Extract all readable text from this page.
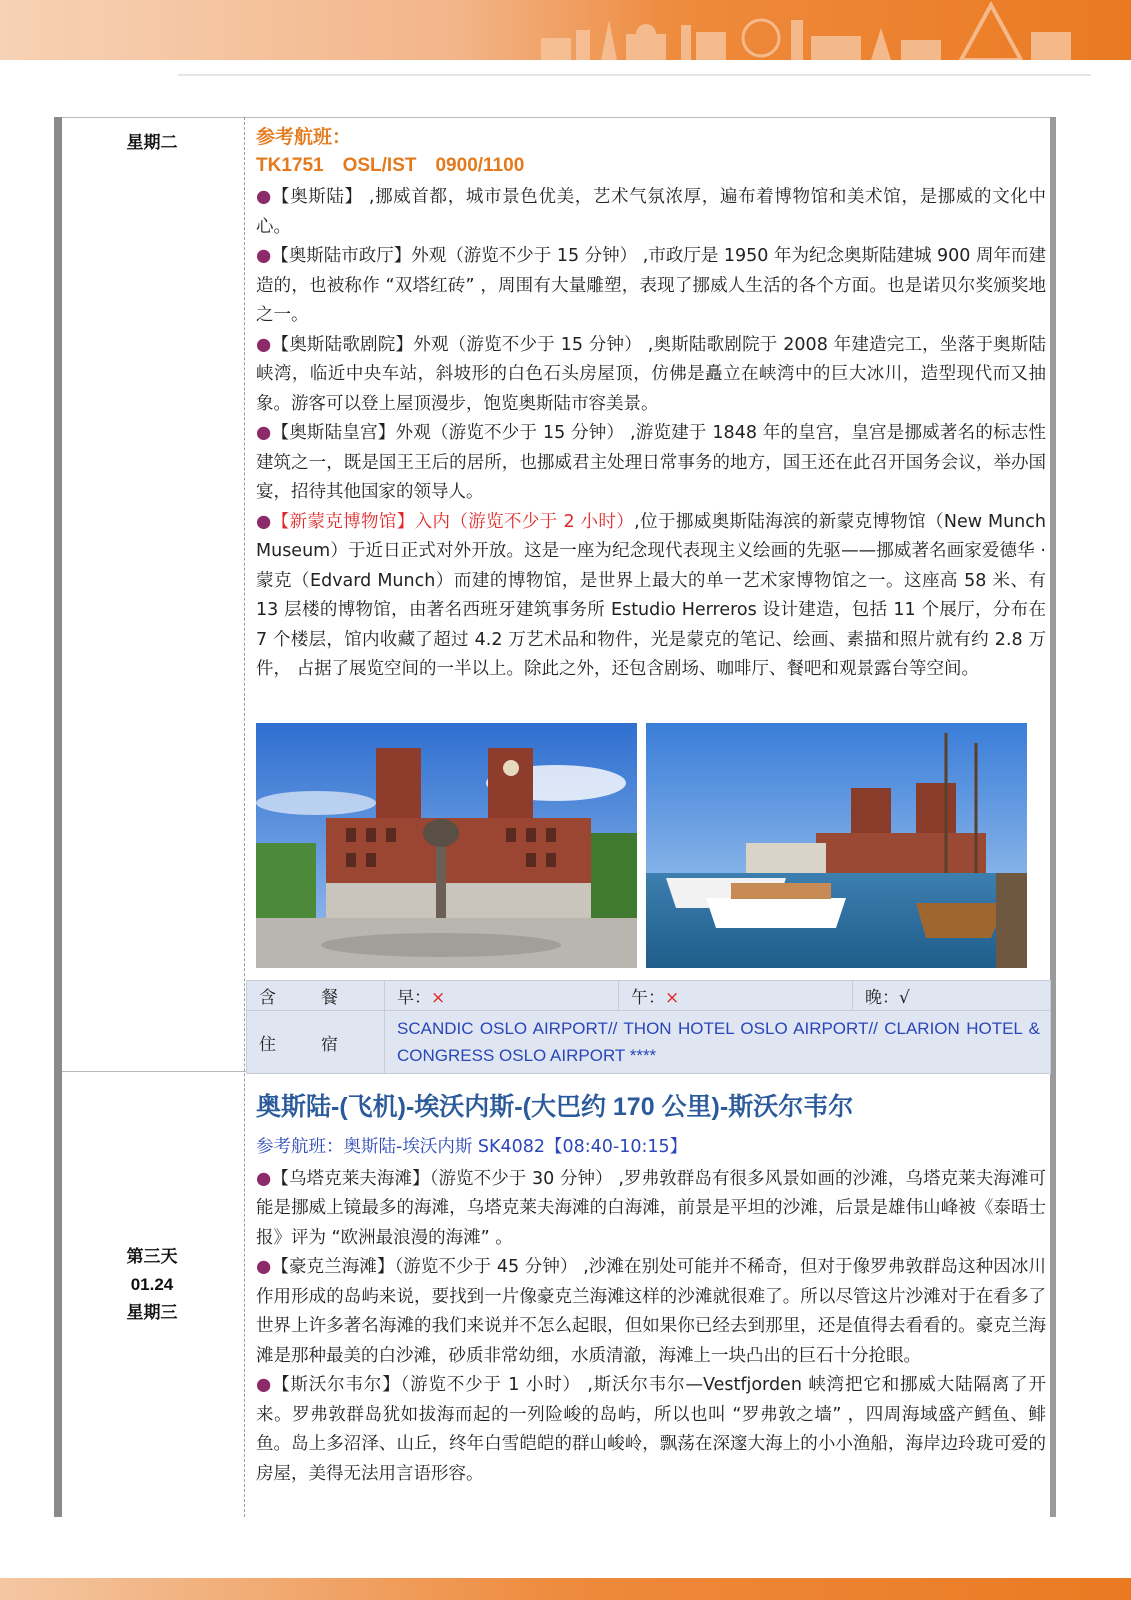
星期二	参考航班：
TK1751　OSL/IST　0900/1100

●【奥斯陆】 ,挪威首都，城市景色优美，艺术气氛浓厚，遍布着博物馆和美术馆，是挪威的文化中心。

●【奥斯陆市政厅】外观（游览不少于 15 分钟） ,市政厅是 1950 年为纪念奥斯陆建城 900 周年而建造的，也被称作 “双塔红砖” ，周围有大量雕塑，表现了挪威人生活的各个方面。也是诺贝尔奖颁奖地之一。

●【奥斯陆歌剧院】外观（游览不少于 15 分钟） ,奥斯陆歌剧院于 2008 年建造完工，坐落于奥斯陆峡湾，临近中央车站，斜坡形的白色石头房屋顶，仿佛是矗立在峡湾中的巨大冰川，造型现代而又抽象。游客可以登上屋顶漫步，饱览奥斯陆市容美景。

●【奥斯陆皇宫】外观（游览不少于 15 分钟） ,游览建于 1848 年的皇宫，皇宫是挪威著名的标志性建筑之一，既是国王王后的居所，也挪威君主处理日常事务的地方，国王还在此召开国务会议，举办国宴，招待其他国家的领导人。

●【新蒙克博物馆】入内（游览不少于 2 小时）,位于挪威奥斯陆海滨的新蒙克博物馆（New Munch Museum）于近日正式对外开放。这是一座为纪念现代表现主义绘画的先驱——挪威著名画家爱德华 ·蒙克（Edvard Munch）而建的博物馆，是世界上最大的单一艺术家博物馆之一。这座高 58 米、有 13 层楼的博物馆，由著名西班牙建筑事务所 Estudio Herreros 设计建造，包括 11 个展厅，分布在 7 个楼层，馆内收藏了超过 4.2 万艺术品和物件，光是蒙克的笔记、绘画、素描和照片就有约 2.8 万件， 占据了展览空间的一半以上。除此之外，还包含剧场、咖啡厅、餐吧和观景露台等空间。

含　餐	早：×	午：×	晚：√
住　宿	SCANDIC OSLO AIRPORT// THON HOTEL OSLO AIRPORT// CLARION HOTEL & CONGRESS OSLO AIRPORT ****		
第三天
01.24
星期三
奥斯陆-(飞机)-埃沃内斯-(大巴约 170 公里)-斯沃尔韦尔

参考航班：奥斯陆-埃沃内斯 SK4082【08:40-10:15】

●【乌塔克莱夫海滩】（游览不少于 30 分钟） ,罗弗敦群岛有很多风景如画的沙滩，乌塔克莱夫海滩可能是挪威上镜最多的海滩，乌塔克莱夫海滩的白海滩，前景是平坦的沙滩，后景是雄伟山峰被《泰晤士报》评为 “欧洲最浪漫的海滩” 。

●【豪克兰海滩】（游览不少于 45 分钟） ,沙滩在别处可能并不稀奇，但对于像罗弗敦群岛这种因冰川作用形成的岛屿来说，要找到一片像豪克兰海滩这样的沙滩就很难了。所以尽管这片沙滩对于在看多了世界上许多著名海滩的我们来说并不怎么起眼，但如果你已经去到那里，还是值得去看看的。豪克兰海滩是那种最美的白沙滩，砂质非常幼细，水质清澈，海滩上一块凸出的巨石十分抢眼。

●【斯沃尔韦尔】（游览不少于 1 小时） ,斯沃尔韦尔—Vestfjorden 峡湾把它和挪威大陆隔离了开来。罗弗敦群岛犹如拔海而起的一列险峻的岛屿，所以也叫 “罗弗敦之墙” ，四周海域盛产鳕鱼、鲱鱼。岛上多沼泽、山丘，终年白雪皑皑的群山峻岭，飘荡在深邃大海上的小小渔船，海岸边玲珑可爱的房屋，美得无法用言语形容。
